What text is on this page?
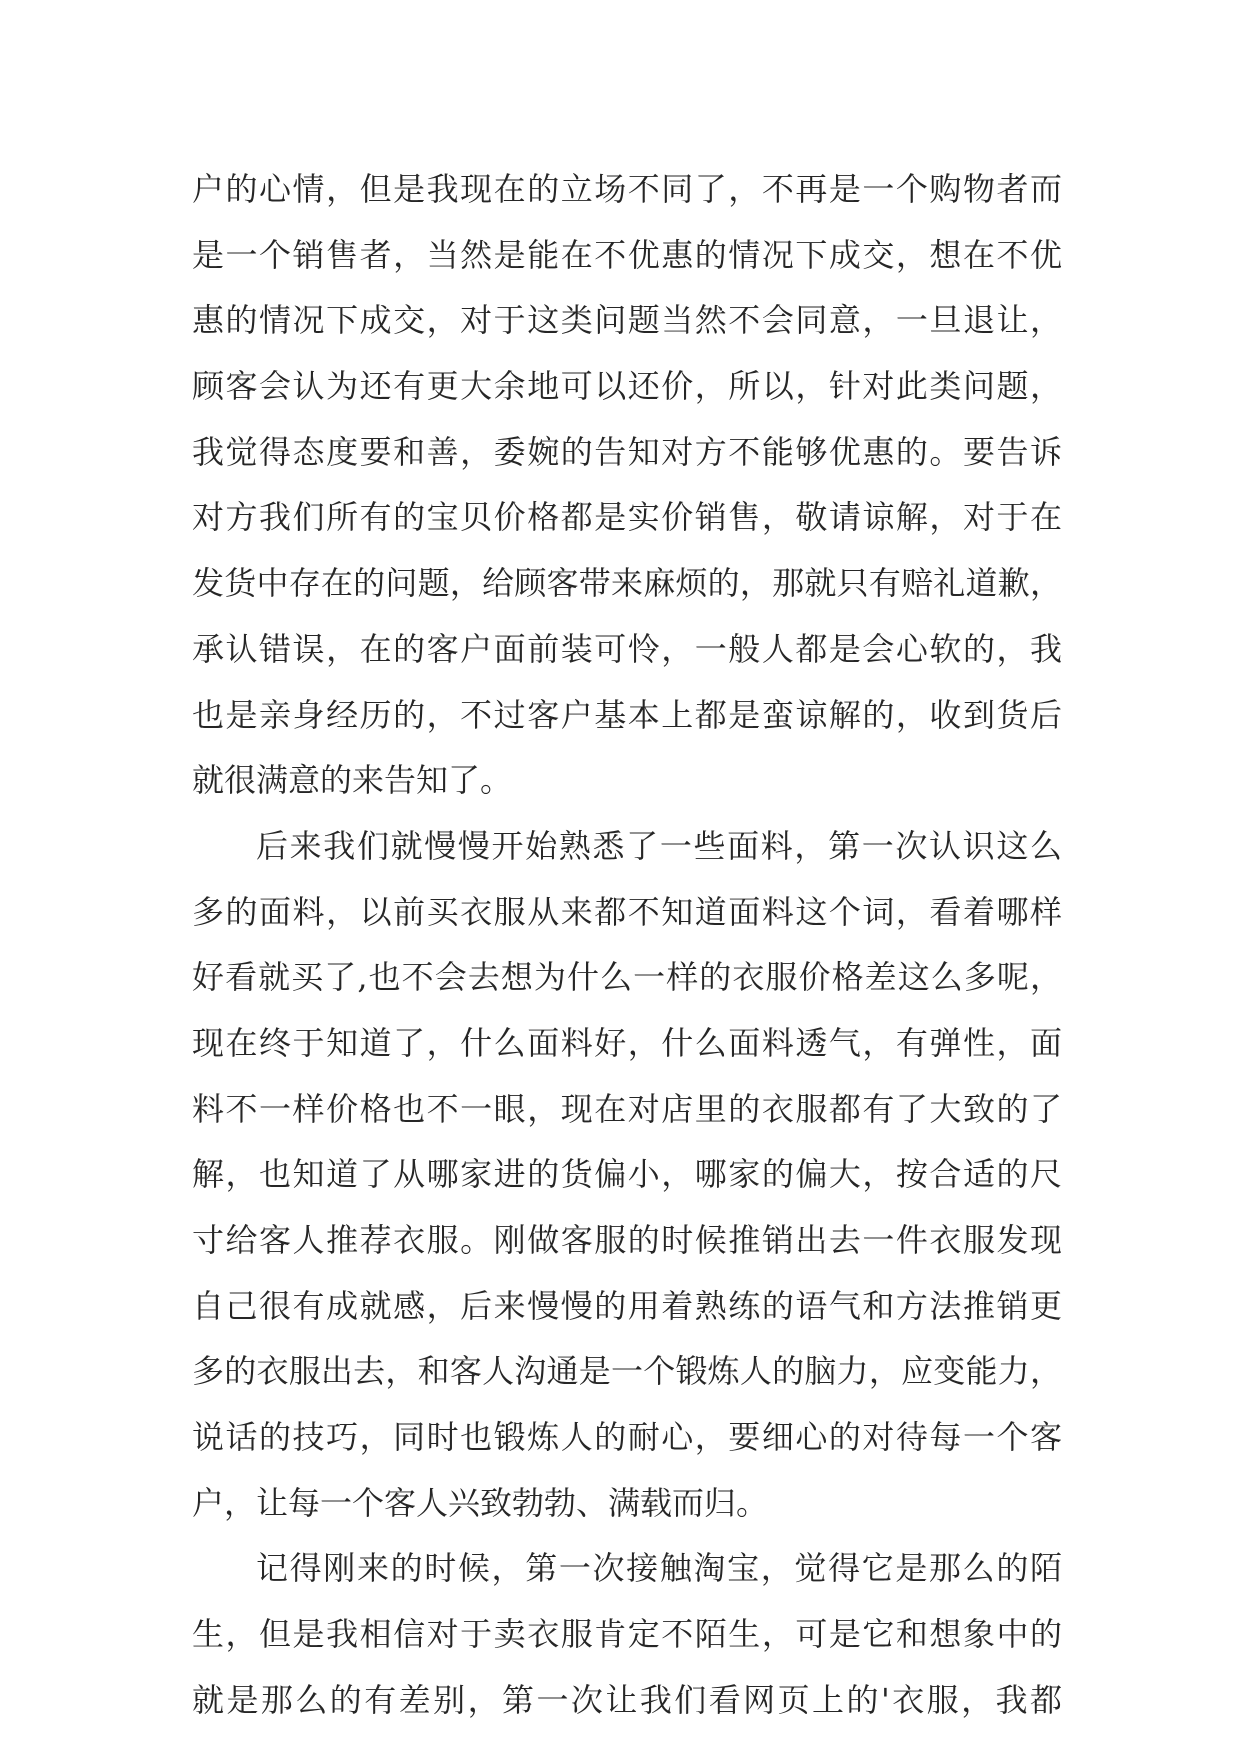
户的心情，但是我现在的立场不同了，不再是一个购物者而
是一个销售者，当然是能在不优惠的情况下成交，想在不优
惠的情况下成交，对于这类问题当然不会同意，一旦退让，
顾客会认为还有更大余地可以还价，所以，针对此类问题，
我觉得态度要和善，委婉的告知对方不能够优惠的。要告诉
对方我们所有的宝贝价格都是实价销售，敬请谅解，对于在
发货中存在的问题，给顾客带来麻烦的，那就只有赔礼道歉，
承认错误，在的客户面前装可怜，一般人都是会心软的，我
也是亲身经历的，不过客户基本上都是蛮谅解的，收到货后
就很满意的来告知了。

后来我们就慢慢开始熟悉了一些面料，第一次认识这么
多的面料，以前买衣服从来都不知道面料这个词，看着哪样
好看就买了,也不会去想为什么一样的衣服价格差这么多呢，
现在终于知道了，什么面料好，什么面料透气，有弹性，面
料不一样价格也不一眼，现在对店里的衣服都有了大致的了
解，也知道了从哪家进的货偏小，哪家的偏大，按合适的尺
寸给客人推荐衣服。刚做客服的时候推销出去一件衣服发现
自己很有成就感，后来慢慢的用着熟练的语气和方法推销更
多的衣服出去，和客人沟通是一个锻炼人的脑力，应变能力，
说话的技巧，同时也锻炼人的耐心，要细心的对待每一个客
户，让每一个客人兴致勃勃、满载而归。

记得刚来的时候，第一次接触淘宝，觉得它是那么的陌
生，但是我相信对于卖衣服肯定不陌生，可是它和想象中的
就是那么的有差别，第一次让我们看网页上的'衣服，我都
